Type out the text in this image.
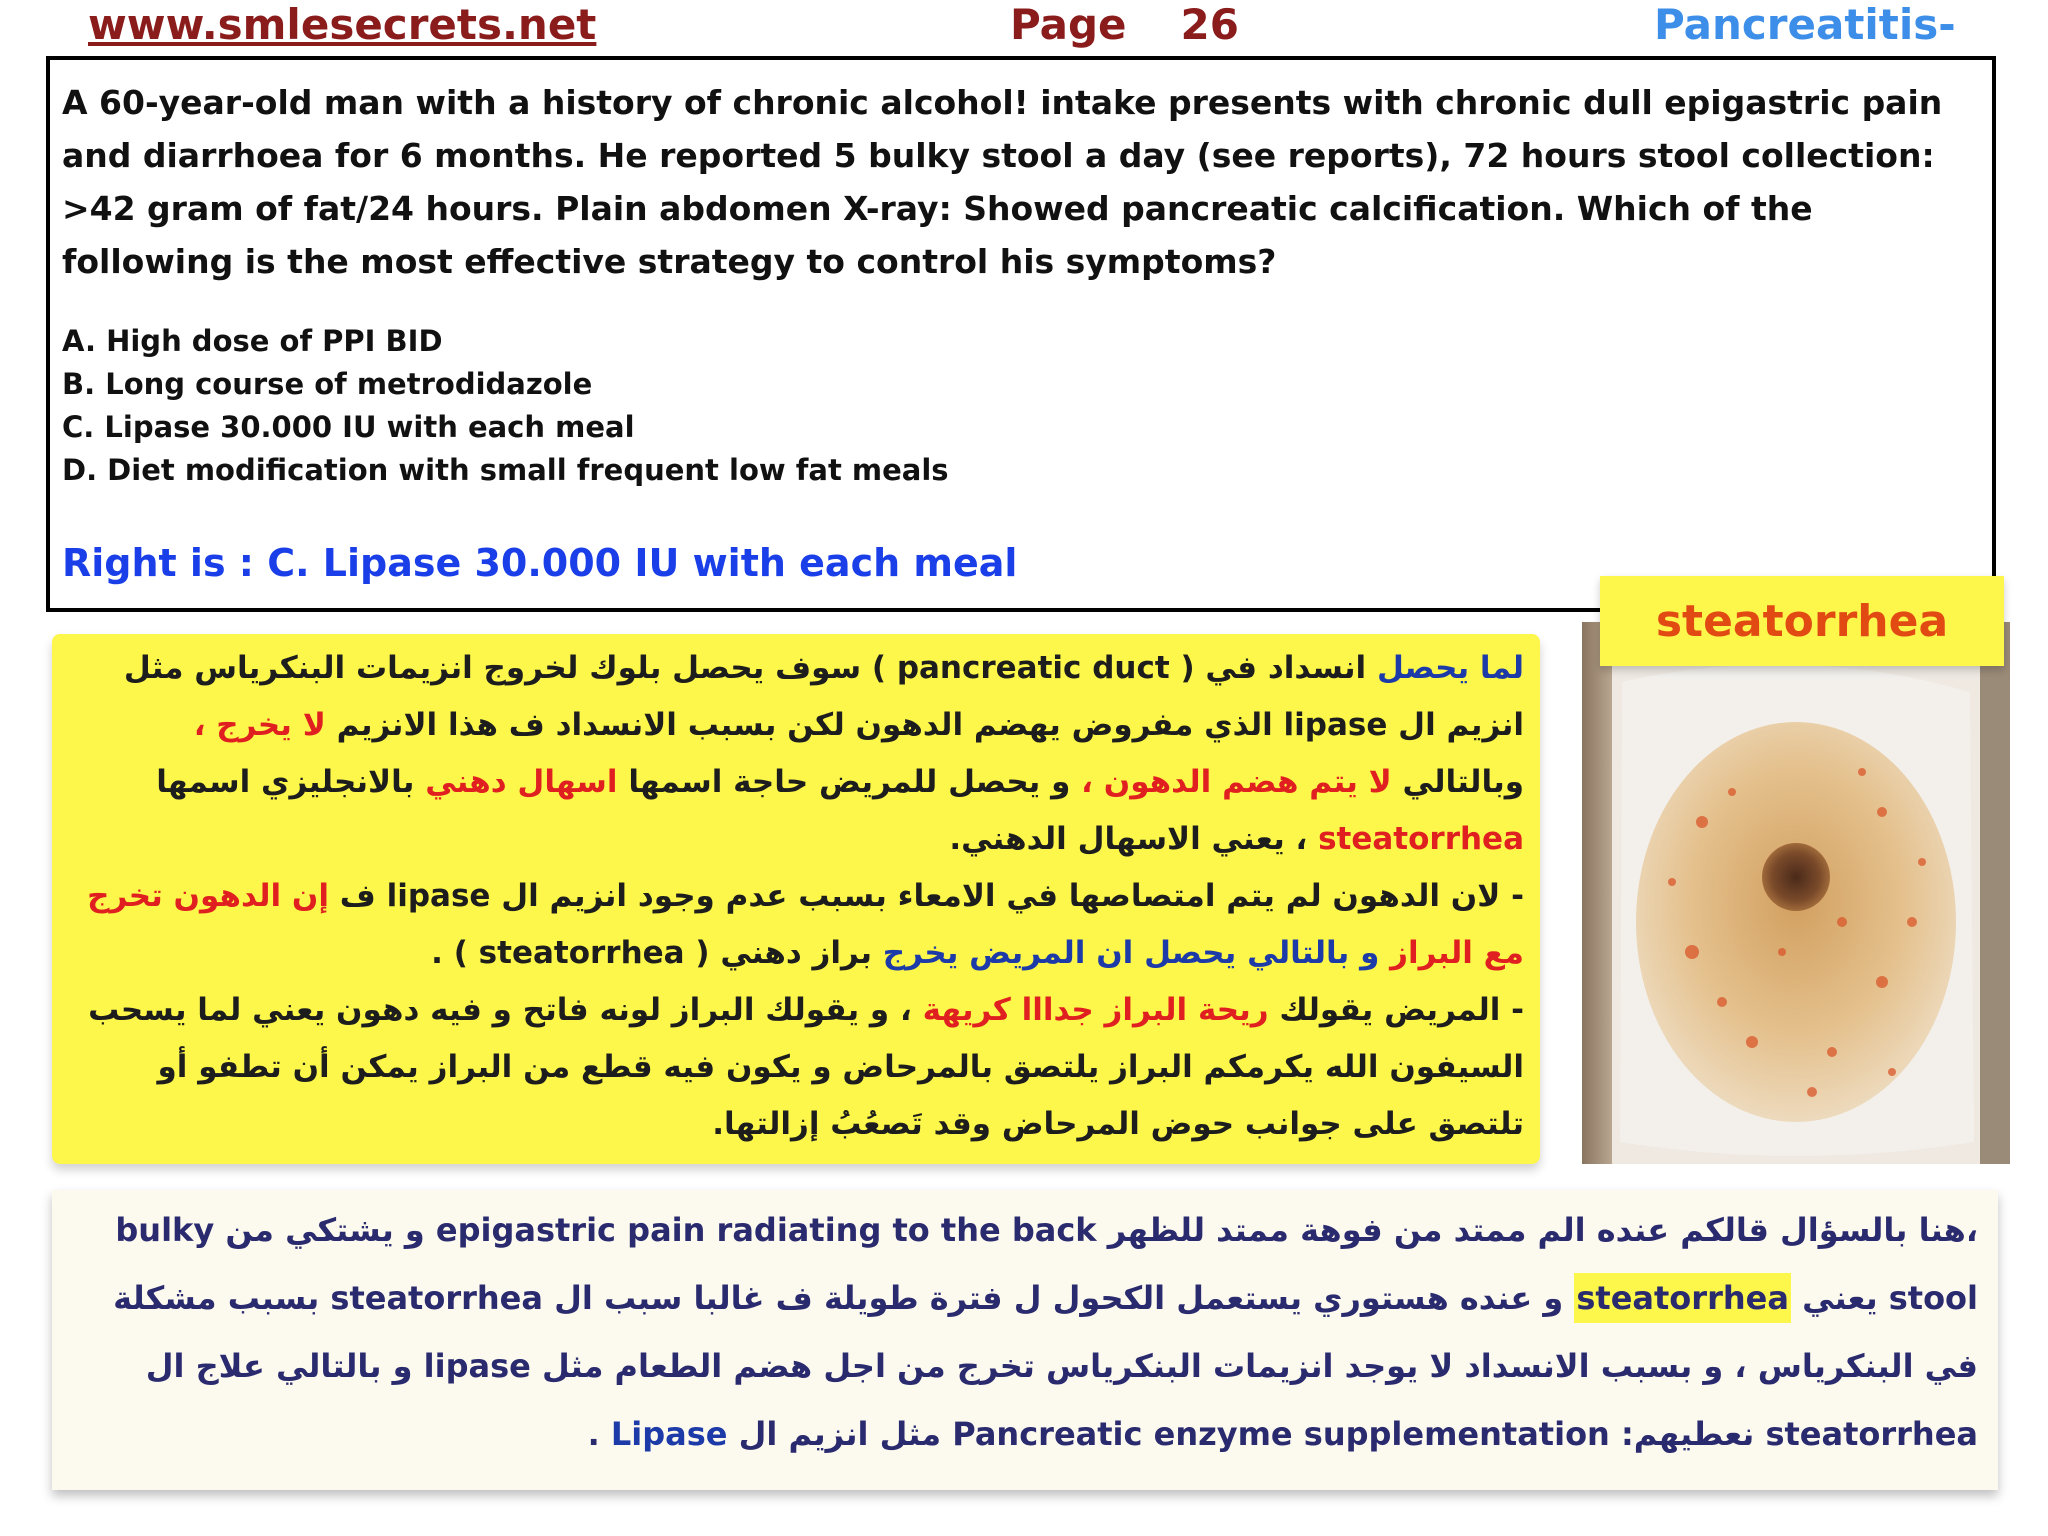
www.smlesecrets.net	Page 26	Pancreatitis-
A 60-year-old man with a history of chronic alcohol! intake presents with chronic dull epigastric pain and diarrhoea for 6 months. He reported 5 bulky stool a day (see reports), 72 hours stool collection: >42 gram of fat/24 hours. Plain abdomen X-ray: Showed pancreatic calcification. Which of the following is the most effective strategy to control his symptoms?
A. High dose of PPI BID
B. Long course of metrodidazole
C. Lipase 30.000 IU with each meal
D. Diet modification with small frequent low fat meals
Right is : C. Lipase 30.000 IU with each meal
لما يحصل انسداد في ( pancreatic duct ) سوف يحصل بلوك لخروج انزيمات البنكرياس مثل انزيم ال lipase الذي مفروض يهضم الدهون لكن بسبب الانسداد ف هذا الانزيم لا يخرج ، وبالتالي لا يتم هضم الدهون ، و يحصل للمريض حاجة اسمها اسهال دهني بالانجليزي اسمها steatorrhea ، يعني الاسهال الدهني.
- لان الدهون لم يتم امتصاصها في الامعاء بسبب عدم وجود انزيم ال lipase ف إن الدهون تخرج مع البراز و بالتالي يحصل ان المريض يخرج براز دهني ( steatorrhea ) .
- المريض يقولك ريحة البراز جدااا كريهة ، و يقولك البراز لونه فاتح و فيه دهون يعني لما يسحب السيفون الله يكرمكم البراز يلتصق بالمرحاض و يكون فيه قطع من البراز يمكن أن تطفو أو تلتصق على جوانب حوض المرحاض وقد تَصعُبُ إزالتها.
steatorrhea
،هنا بالسؤال قالكم عنده الم ممتد من فوهة ممتد للظهر epigastric pain radiating to the back و يشتكي من bulky stool يعني steatorrhea و عنده هستوري يستعمل الكحول ل فترة طويلة ف غالبا سبب ال steatorrhea بسبب مشكلة في البنكرياس ، و بسبب الانسداد لا يوجد انزيمات البنكرياس تخرج من اجل هضم الطعام مثل lipase و بالتالي علاج ال steatorrhea نعطيهم: Pancreatic enzyme supplementation مثل انزيم ال Lipase .
